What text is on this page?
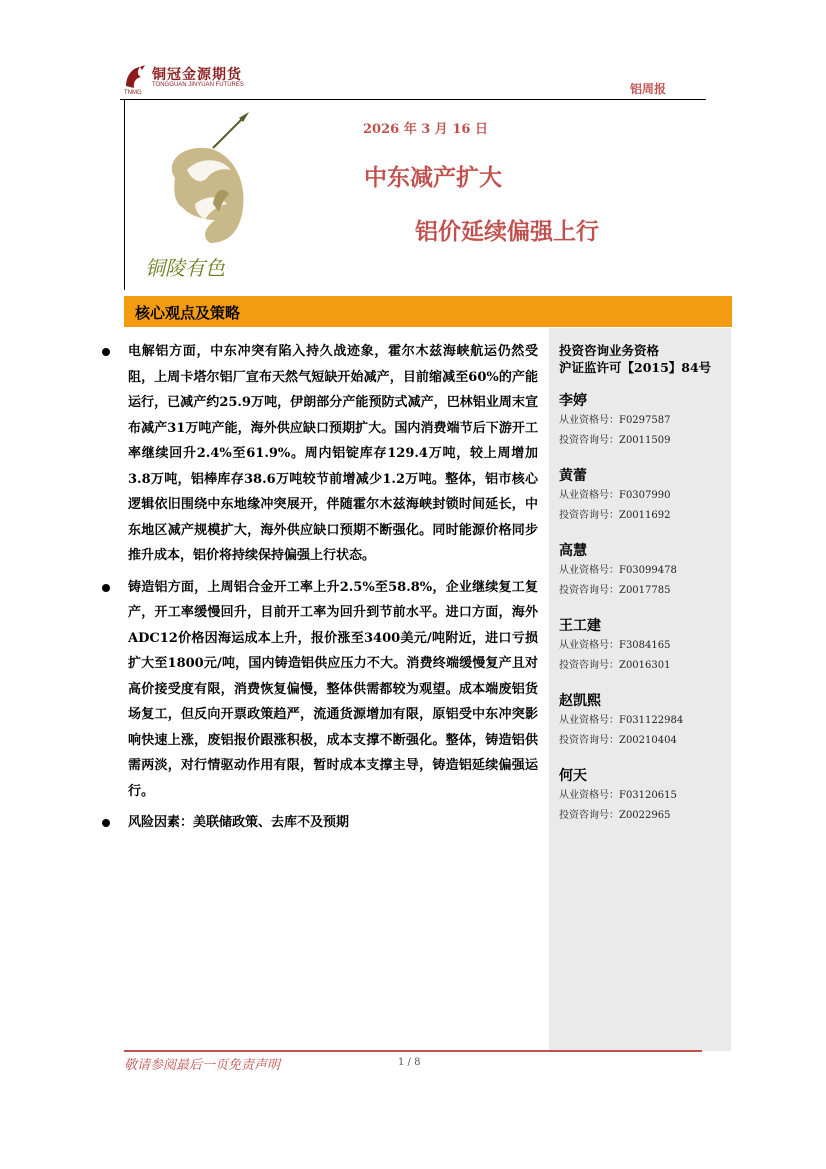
铜冠金源期货
TONGGUAN JINYUAN FUTURES
TNMG	铝周报
铜陵有色
2026 年 3 月 16 日
中东减产扩大
铝价延续偏强上行
核心观点及策略
电解铝方面，中东冲突有陷入持久战迹象，霍尔木兹海峡航运仍然受阻，上周卡塔尔铝厂宣布天然气短缺开始减产，目前缩减至60%的产能运行，已减产约25.9万吨，伊朗部分产能预防式减产，巴林铝业周末宣布减产31万吨产能，海外供应缺口预期扩大。国内消费端节后下游开工率继续回升2.4%至61.9%。周内铝锭库存129.4万吨，较上周增加3.8万吨，铝棒库存38.6万吨较节前增减少1.2万吨。整体，铝市核心逻辑依旧围绕中东地缘冲突展开，伴随霍尔木兹海峡封锁时间延长，中东地区减产规模扩大，海外供应缺口预期不断强化。同时能源价格同步推升成本，铝价将持续保持偏强上行状态。
铸造铝方面，上周铝合金开工率上升2.5%至58.8%，企业继续复工复产，开工率缓慢回升，目前开工率为回升到节前水平。进口方面，海外ADC12价格因海运成本上升，报价涨至3400美元/吨附近，进口亏损扩大至1800元/吨，国内铸造铝供应压力不大。消费终端缓慢复产且对高价接受度有限，消费恢复偏慢，整体供需都较为观望。成本端废铝货场复工，但反向开票政策趋严，流通货源增加有限，原铝受中东冲突影响快速上涨，废铝报价跟涨积极，成本支撑不断强化。整体，铸造铝供需两淡，对行情驱动作用有限，暂时成本支撑主导，铸造铝延续偏强运行。
风险因素：美联储政策、去库不及预期
投资咨询业务资格
沪证监许可【2015】84号
李婷
从业资格号：F0297587
投资咨询号：Z0011509
黄蕾
从业资格号：F0307990
投资咨询号：Z0011692
高慧
从业资格号：F03099478
投资咨询号：Z0017785
王工建
从业资格号：F3084165
投资咨询号：Z0016301
赵凯熙
从业资格号：F031122984
投资咨询号：Z00210404
何天
从业资格号：F03120615
投资咨询号：Z0022965
敬请参阅最后一页免责声明	1 / 8
